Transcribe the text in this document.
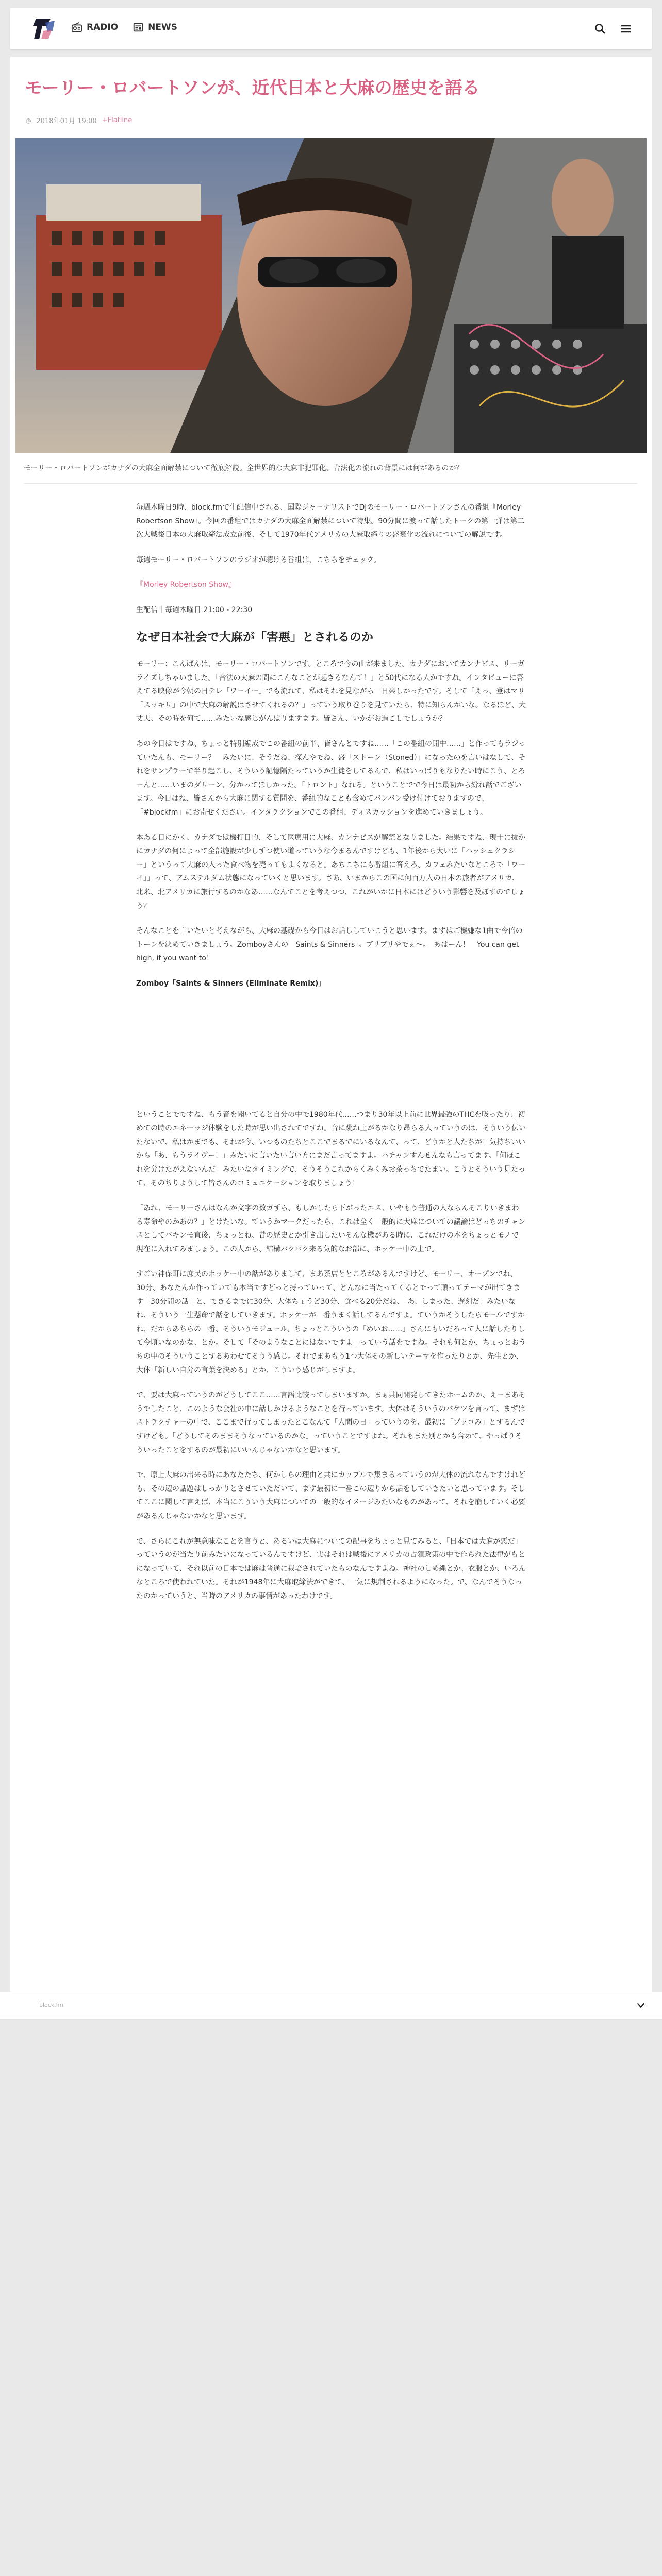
RADIO	NEWS
モーリー・ロバートソンが、近代日本と大麻の歴史を語る
◷ 2018年01月 19:00 +Flatline
モーリー・ロバートソンがカナダの大麻全面解禁について徹底解説。全世界的な大麻非犯罪化、合法化の流れの背景には何があるのか？

毎週木曜日9時、block.fmで生配信中される、国際ジャーナリストでDJのモーリー・ロバートソンさんの番組『Morley Robertson Show』。今回の番組ではカナダの大麻全面解禁について特集。90分間に渡って話したトークの第一弾は第二次大戦後日本の大麻取締法成立前後、そして1970年代アメリカの大麻取締りの盛衰化の流れについての解説です。

毎週モーリー・ロバートソンのラジオが聴ける番組は、こちらをチェック。

『Morley Robertson Show』

生配信｜毎週木曜日 21:00 - 22:30

なぜ日本社会で大麻が「害悪」とされるのか

モーリー：こんばんは、モーリー・ロバートソンです。ところで今の曲が来ました。カナダにおいてカンナビス、リーガライズしちゃいました。「合法の大麻の間にこんなことが起きるなんて！」と50代になる人かですね。インタビューに答えてる映像が今朝の日テレ「ワーイー」でも流れて、私はそれを見ながら一日楽しかったです。そして「えっ、登はマリ「スッキリ」の中で大麻の解説はさせてくれるの？」っていう取り巻りを見ていたら、特に知らんかいな。なるほど、大丈夫、その時を何て……みたいな感じがんばりますます。皆さん、いかがお過ごしでしょうか？

あの今日はですね、ちょっと特別編成でこの番組の前半、皆さんとですね……「この番組の開中……」と作ってもラジっていたんも、モーリー？　みたいに、そうだね、探んやでね、盛「ストーン（Stoned）」になったのを言いはなして、それをサンプラーで半り起こし、そういう記憶隔たっていうか生徒をしてるんで、私はいっぱりもなりたい時にこう、とろーんと……いまのダリーン、分かってほしかった。「トロント」なれる。ということでで今日は最初から紛れ話でございます。今日はね、皆さんから大麻に関する質問を、番組的なことも含めてバンバン受け付けておりますので、「#blockfm」にお寄せください。インタラクションでこの番組、ディスカッションを進めていきましょう。

本ある日にかく、カナダでは機打目的、そして医療用に大麻、カンナビスが解禁となりました。結果ですね、現十に抜かにカナダの何によって全部施設が少しずつ使い道っていうな今まるんですけども、1年後から大いに「ハッシュクラシー」というって大麻の入った食べ物を売ってもよくなると。あちこちにも番組に答えろ、カフェみたいなところで「ワーイ」」って、アムステルダム状態になっていくと思います。さあ、いまからこの国に何百万人の日本の旅者がアメリカ、北米、北アメリカに旅行するのかなあ……なんてことを考えつつ、これがいかに日本にはどういう影響を及ぼすのでしょう？

そんなことを言いたいと考えながら、大麻の基礎から今日はお話ししていこうと思います。まずはご機嫌な1曲で今倍のトーンを決めていきましょう。Zomboyさんの「Saints & Sinners」。ブリブリやでぇ〜。　あはーん！　You can get high, if you want to！

Zomboy「Saints & Sinners (Eliminate Remix)」

ということでですね、もう音を聞いてると自分の中で1980年代……つまり30年以上前に世界最強のTHCを吸ったり、初めての時のエネーッジ体験をした時が思い出されてですね。音に跳ね上がるかなり昂らる人っていうのは、そういう伝いたないで、私はかまでも、それが今、いつものたちとここでまるでにいるなんて、って、どうかと人たちが！気持ちいいから「あ、もうライヴー！」みたいに言いたい言い方にまだ言ってますよ。ハチャンすんせんなも言ってます。「何ほこれを分けたがえないんだ」みたいなタイミングで、そうそうこれからくみくみお茶っちでたまい。こうとそういう見たって、そのちりようして皆さんのコミュニケーションを取りましょう！

「あれ、モーリーさんはなんか文字の数ガずら、もしかしたら下がったエス、いやもう普通の人ならんそこりいきまわる寿命やのかあの？」とけたいな。ていうかマークだったら、これは全く一般的に大麻についての議論はどっちのチャンスとしてバキンモ直後、ちょっとね、昔の歴史とか引き出したいそんな機がある時に、これだけの本をちょっとモノで現在に入れてみましょう。この人から、結構パクパク来る気的なお部に、ホッケー中の上で。

すごい神保町に庶民のホッケー中の話がありまして、まあ茶店とところがあるんですけど、モーリー、オープンでね、30分、あなたんか作っていても本当ですどっと持っていって、どんなに当たってくるとでって頑ってテーマが出てきます「30分間の話」と、できるまでに30分、大体ちょうど30分、食べる20分だね、「あ、しまった、遅刻だ」みたいなね、そういう一生懸命で話をしていきます。ホッケーが一番うまく話してるんですよ。ていうかそうしたらモールですかね、だからあちらの一番、そういうモジュール、ちょっとこういうの「めいお……」さんにもいだろって人に話したりして今頃いなのかな、とか。そして「そのようなことにはないですよ」っていう話をですね。それも何とか、ちょっとおうちの中のそういうことするあわせてそうう感じ。それでまあもう1つ大体その新しいテーマを作ったりとか、先生とか、大体「新しい自分の言葉を決める」とか、こういう感じがしますよ。

で、要は大麻っていうのがどうしてここ……言語比較ってしまいますか。まぁ共同開発してきたホームのか、えーまあそうでしたこと、このような会社の中に話しかけるようなことを行っています。大体はそういうのバケツを言って、まずはストラクチャーの中で、ここまで行ってしまったとこなんて「人間の日」っていうのを、最初に「ブッコみ」とするんですけども。「どうしてそのままそうなっているのかな」っていうことですよね。それもまた別とかも含めて、やっぱりそういったことをするのが最初にいいんじゃないかなと思います。

で、原上大麻の出来る時にあなたたち、何かしらの理由と共にカップルで集まるっていうのが大体の流れなんですけれども、その辺の話題はしっかりとさせていただいて、まず最初に一番この辺りから話をしていきたいと思っています。そしてここに関して言えば、本当にこういう大麻についての一般的なイメージみたいなものがあって、それを崩していく必要があるんじゃないかなと思います。

で、さらにこれが無意味なことを言うと、あるいは大麻についての記事をちょっと見てみると、「日本では大麻が悪だ」っていうのが当たり前みたいになっているんですけど、実はそれは戦後にアメリカの占領政策の中で作られた法律がもとになっていて、それ以前の日本では麻は普通に栽培されていたものなんですよね。神社のしめ縄とか、衣服とか、いろんなところで使われていた。それが1948年に大麻取締法ができて、一気に規制されるようになった。で、なんでそうなったのかっていうと、当時のアメリカの事情があったわけです。

block.fm
